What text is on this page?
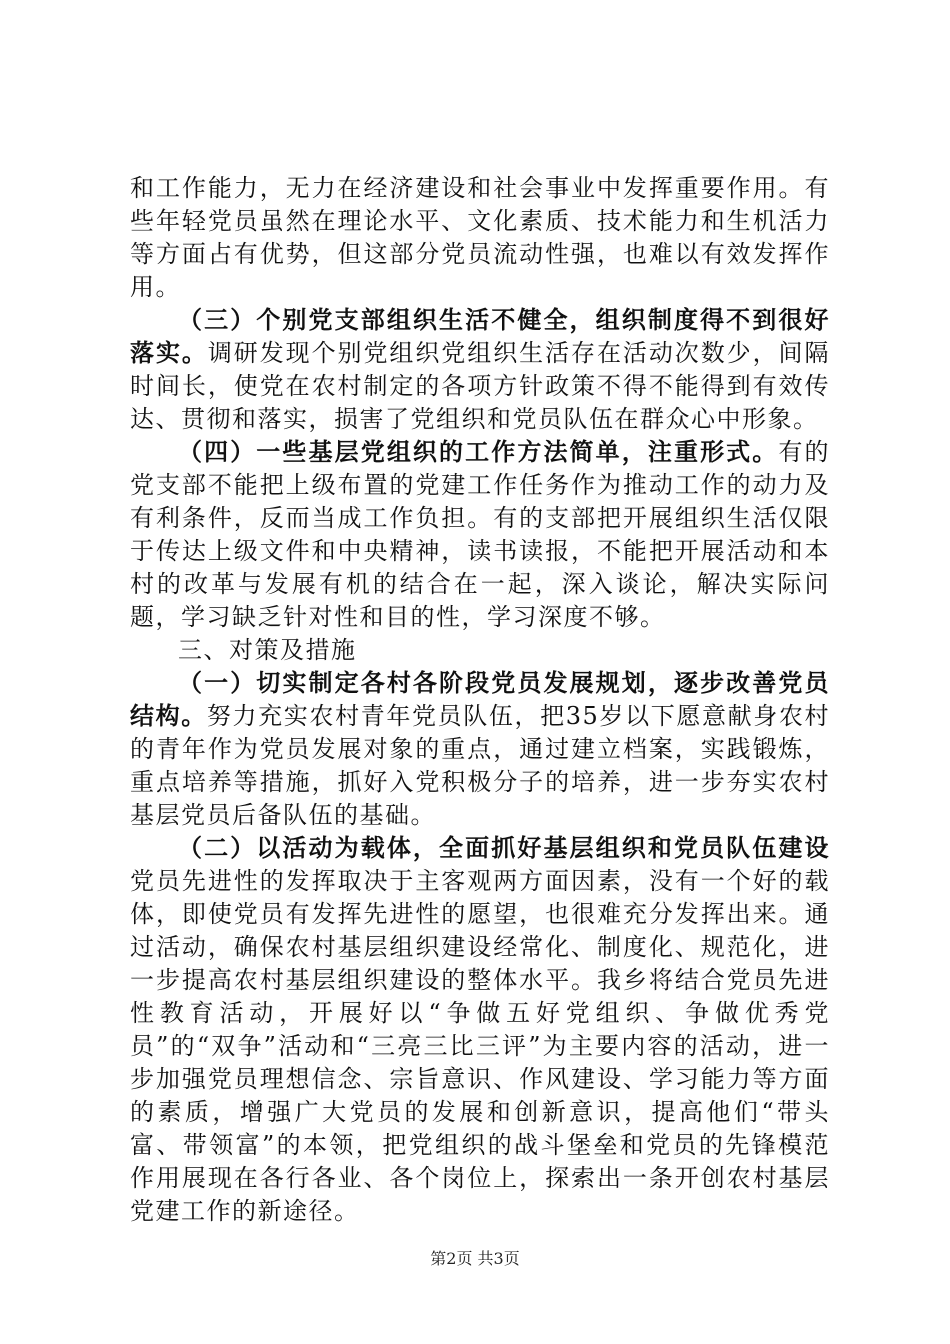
和工作能力，无力在经济建设和社会事业中发挥重要作用。有些年轻党员虽然在理论水平、文化素质、技术能力和生机活力等方面占有优势，但这部分党员流动性强，也难以有效发挥作用。

（三）个别党支部组织生活不健全，组织制度得不到很好落实。调研发现个别党组织党组织生活存在活动次数少，间隔时间长，使党在农村制定的各项方针政策不得不能得到有效传达、贯彻和落实，损害了党组织和党员队伍在群众心中形象。

（四）一些基层党组织的工作方法简单，注重形式。有的党支部不能把上级布置的党建工作任务作为推动工作的动力及有利条件，反而当成工作负担。有的支部把开展组织生活仅限于传达上级文件和中央精神，读书读报，不能把开展活动和本村的改革与发展有机的结合在一起，深入谈论，解决实际问题，学习缺乏针对性和目的性，学习深度不够。

三、对策及措施

（一）切实制定各村各阶段党员发展规划，逐步改善党员结构。努力充实农村青年党员队伍，把35岁以下愿意献身农村的青年作为党员发展对象的重点，通过建立档案，实践锻炼，重点培养等措施，抓好入党积极分子的培养，进一步夯实农村基层党员后备队伍的基础。

（二）以活动为载体，全面抓好基层组织和党员队伍建设党员先进性的发挥取决于主客观两方面因素，没有一个好的载体，即使党员有发挥先进性的愿望，也很难充分发挥出来。通过活动，确保农村基层组织建设经常化、制度化、规范化，进一步提高农村基层组织建设的整体水平。我乡将结合党员先进性教育活动，开展好以“争做五好党组织、争做优秀党员”的“双争”活动和“三亮三比三评”为主要内容的活动，进一步加强党员理想信念、宗旨意识、作风建设、学习能力等方面的素质，增强广大党员的发展和创新意识，提高他们“带头富、带领富”的本领，把党组织的战斗堡垒和党员的先锋模范作用展现在各行各业、各个岗位上，探索出一条开创农村基层党建工作的新途径。

第2页 共3页
